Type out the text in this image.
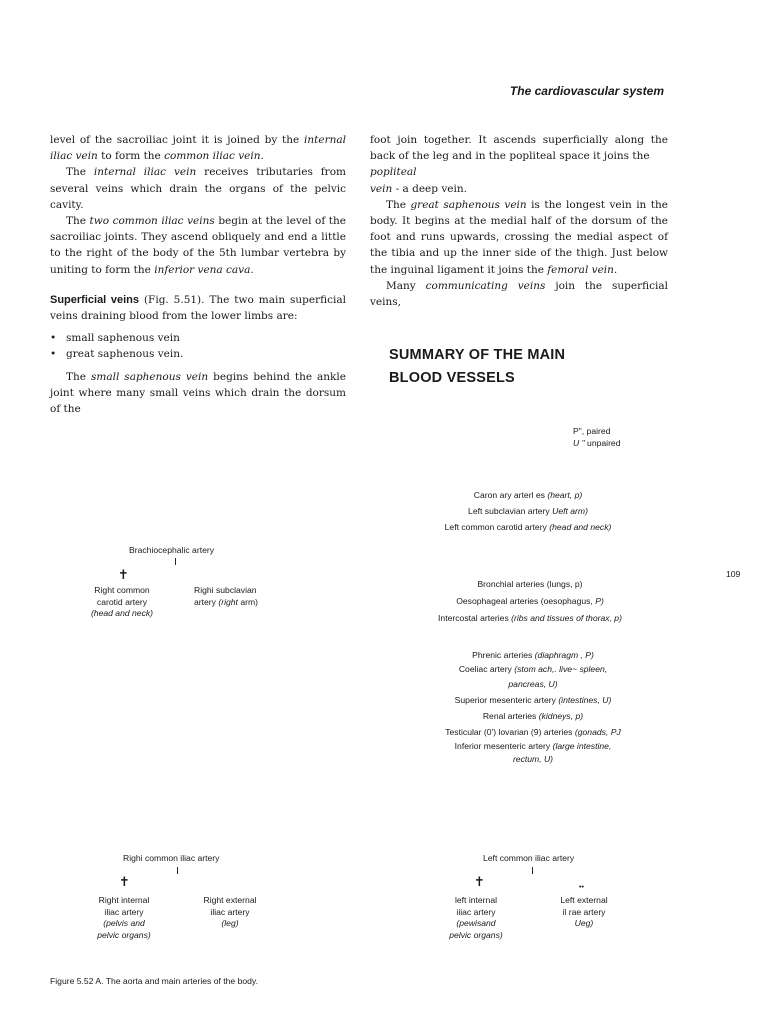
The cardiovascular system

level of the sacroiliac joint it is joined by the internal iliac vein to form the common iliac vein.

The internal iliac vein receives tributaries from several veins which drain the organs of the pelvic cavity.

The two common iliac veins begin at the level of the sacroiliac joints. They ascend obliquely and end a little to the right of the body of the 5th lumbar vertebra by uniting to form the inferior vena cava.

Superficial veins (Fig. 5.51). The two main superficial veins draining blood from the lower limbs are:

• small saphenous vein
• great saphenous vein.

The small saphenous vein begins behind the ankle joint where many small veins which drain the dorsum of the

foot join together. It ascends superficially along the back of the leg and in the popliteal space it joins the
popliteal
vein - a deep vein.

The great saphenous vein is the longest vein in the body. It begins at the medial half of the dorsum of the foot and runs upwards, crossing the medial aspect of the tibia and up the inner side of the thigh. Just below the inguinal ligament it joins the femoral vein.

Many communicating veins join the superficial veins,

SUMMARY OF THE MAIN
BLOOD VESSELS
109
P", paired
U " unpaired
Caron ary arterl es (heart, p)
Left subclavian artery Ueft arm)
Left common carotid artery (head and neck)
Bronchial arteries (lungs, p)
Oesophageal arteries (oesophagus, P)
Intercostal arteries (ribs and tissues of thorax, p)
Phrenic arteries (diaphragm , P)
Coeliac artery (stom ach,. live~ spleen,
pancreas, U)
Superior mesenteric artery (intestines, U)
Renal arteries (kidneys, p)
Testicular (0') lovarian (9) arteries (gonads, PJ
Inferior mesenteric artery (large intestine,
rectum, U)
Brachiocephalic artery
I
✝
Right common
carotid artery
(head and neck)
Righi subclavian
artery (right arm)
Righi common iliac artery
I
✝
Right internal
iliac artery
(pelvis and
pelvic organs)
Right external
iliac artery
(leg)
Left common iliac artery
I
✝	••
left internal
iiiac artery
(pewisand
pelvic organs)
Left external
il rae artery
Ueg)
Figure 5.52 A. The aorta and main arteries of the body.
